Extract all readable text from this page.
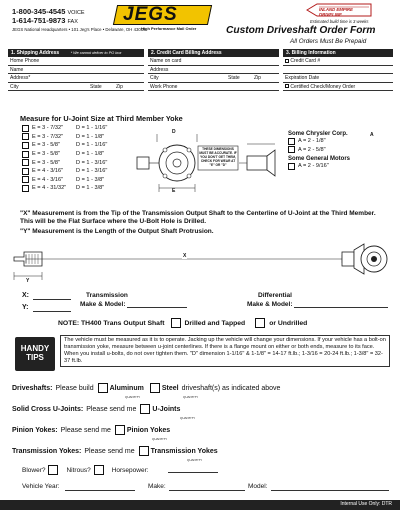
1-800-345-4545 VOICE
1-614-751-9873 FAX
JEGS National Headquarters • 101 Jeg's Place • Delaware, OH 43015
JEGS
High Performance Mail Order
INLAND EMPIRE DRIVELINE
Estimated build time is 3 weeks
Custom Driveshaft Order Form
All Orders Must Be Prepaid
1. Shipping Address	* We cannot deliver to PO box
Home Phone
Name
Address*
City	State	Zip
2. Credit Card Billing Address
Name on card
Address
City	State	Zip
Work Phone
3. Billing Information
Credit Card #
Expiration Date
Certified Check/Money Order
Measure for U-Joint Size at Third Member Yoke
E = 3 - 7/32"	D = 1 - 1/16"
E = 3 - 7/32"	D = 1 - 1/8"
E = 3 - 5/8"	D = 1 - 1/16"
E = 3 - 5/8"	D = 1 - 1/8"
E = 3 - 5/8"	D = 1 - 3/16"
E = 4 - 3/16"	D = 1 - 3/16"
E = 4 - 3/16"	D = 1 - 3/8"
E = 4 - 31/32"	D = 1 - 3/8"	E
D
THESE DIMENSIONS MUST BE ACCURATE. IF YOU DON'T GET THEM, CHECK FOR WEAR AT "E" OR "D"
Some Chrysler Corp.
A = 2 - 1/8"
A = 2 - 5/8"
Some General Motors
A = 2 - 9/16"
A
"X" Measurement is from the Tip of the Transmission Output Shaft to the Centerline of U-Joint at the Third Member. This will be the Flat Surface where the U-Bolt Hole is Drilled.
"Y" Measurement is the Length of the Output Shaft Protrusion.
X
Y
X:
Y:
Transmission
Make & Model:
Differential
Make & Model:
NOTE: TH400 Trans Output Shaft	Drilled and Tapped	or Undrilled
HANDY
TIPS
The vehicle must be measured as it is to operate. Jacking up the vehicle will change your dimensions. If your vehicle has a bolt-on transmission yoke, measure between u-joint centerlines. If there is a flange mount on either or both ends, measure to its face. When you install u-bolts, do not over tighten them. "D" dimension 1-1/16" & 1-1/8" = 14-17 ft.lb.; 1-3/16 = 20-24 ft.lb.; 1-3/8" = 32-37 ft.lb.
Driveshafts: Please build Aluminum	Steel driveshaft(s) as indicated above
QUANTITY	QUANTITY
Solid Cross U-Joints: Please send me U-Joints
QUANTITY
Pinion Yokes: Please send me Pinion Yokes
QUANTITY
Transmission Yokes: Please send me Transmission Yokes
QUANTITY
Blower?	Nitrous?	Horsepower:
Vehicle Year:	Make:	Model:
Internal Use Only: DTR
